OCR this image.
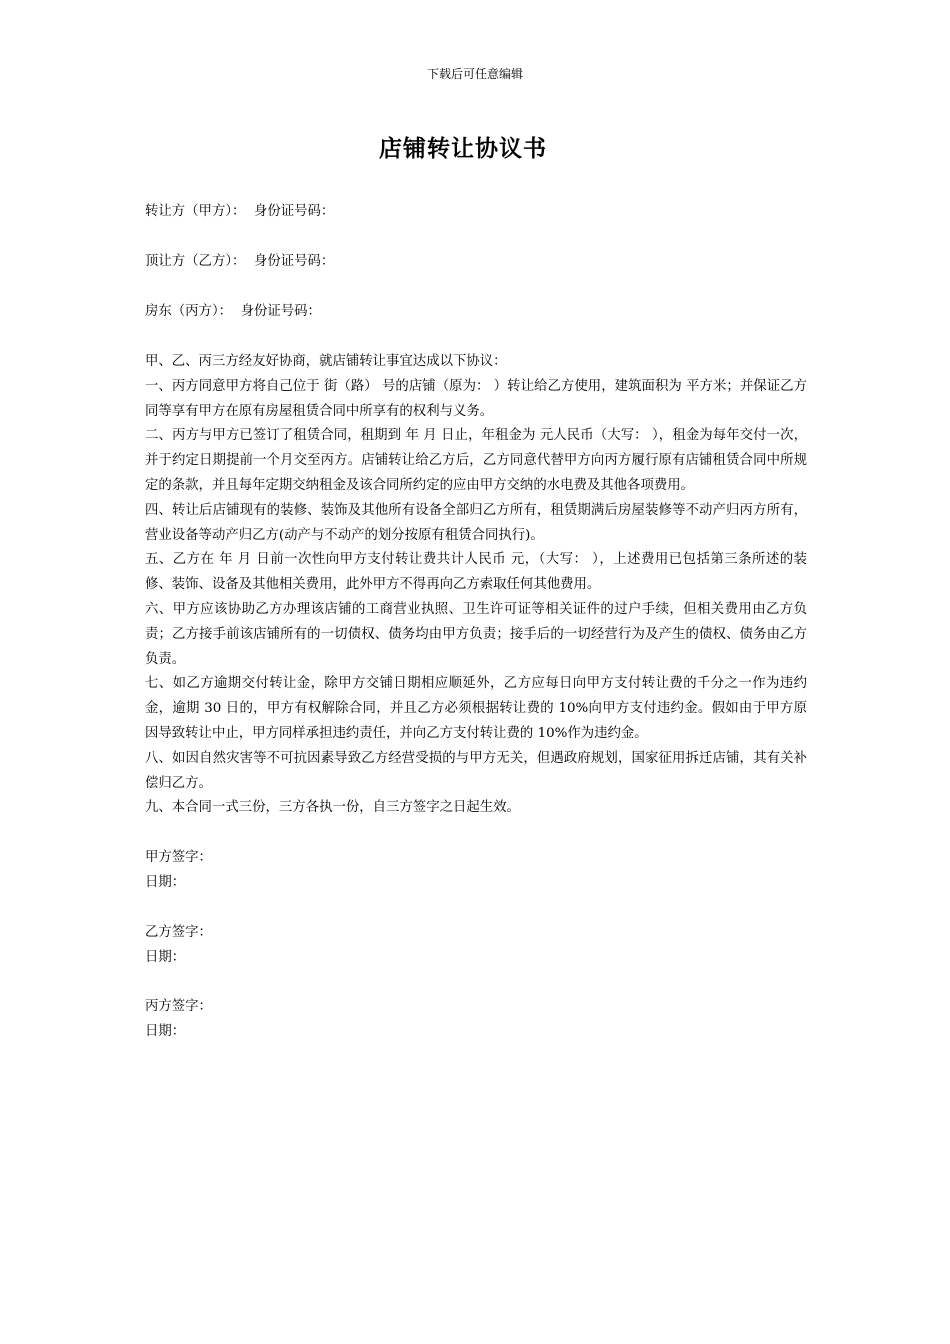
下载后可任意编辑
店铺转让协议书

转让方（甲方）： 身份证号码：

顶让方（乙方）： 身份证号码：

房东（丙方）： 身份证号码：

甲、乙、丙三方经友好协商，就店铺转让事宜达成以下协议：

一、丙方同意甲方将自己位于 街（路） 号的店铺（原为： ）转让给乙方使用，建筑面积为 平方米；并保证乙方同等享有甲方在原有房屋租赁合同中所享有的权利与义务。

二、丙方与甲方已签订了租赁合同，租期到 年 月 日止，年租金为 元人民币（大写： ），租金为每年交付一次，并于约定日期提前一个月交至丙方。店铺转让给乙方后，乙方同意代替甲方向丙方履行原有店铺租赁合同中所规定的条款，并且每年定期交纳租金及该合同所约定的应由甲方交纳的水电费及其他各项费用。

四、转让后店铺现有的装修、装饰及其他所有设备全部归乙方所有，租赁期满后房屋装修等不动产归丙方所有，营业设备等动产归乙方(动产与不动产的划分按原有租赁合同执行)。

五、乙方在 年 月 日前一次性向甲方支付转让费共计人民币 元，（大写： ），上述费用已包括第三条所述的装修、装饰、设备及其他相关费用，此外甲方不得再向乙方索取任何其他费用。

六、甲方应该协助乙方办理该店铺的工商营业执照、卫生许可证等相关证件的过户手续，但相关费用由乙方负责；乙方接手前该店铺所有的一切债权、债务均由甲方负责；接手后的一切经营行为及产生的债权、债务由乙方负责。

七、如乙方逾期交付转让金，除甲方交铺日期相应顺延外，乙方应每日向甲方支付转让费的千分之一作为违约金，逾期 30 日的，甲方有权解除合同，并且乙方必须根据转让费的 10%向甲方支付违约金。假如由于甲方原因导致转让中止，甲方同样承担违约责任，并向乙方支付转让费的 10%作为违约金。

八、如因自然灾害等不可抗因素导致乙方经营受损的与甲方无关，但遇政府规划，国家征用拆迁店铺，其有关补偿归乙方。

九、本合同一式三份，三方各执一份，自三方签字之日起生效。

甲方签字：

日期：

乙方签字：

日期：

丙方签字：

日期：
